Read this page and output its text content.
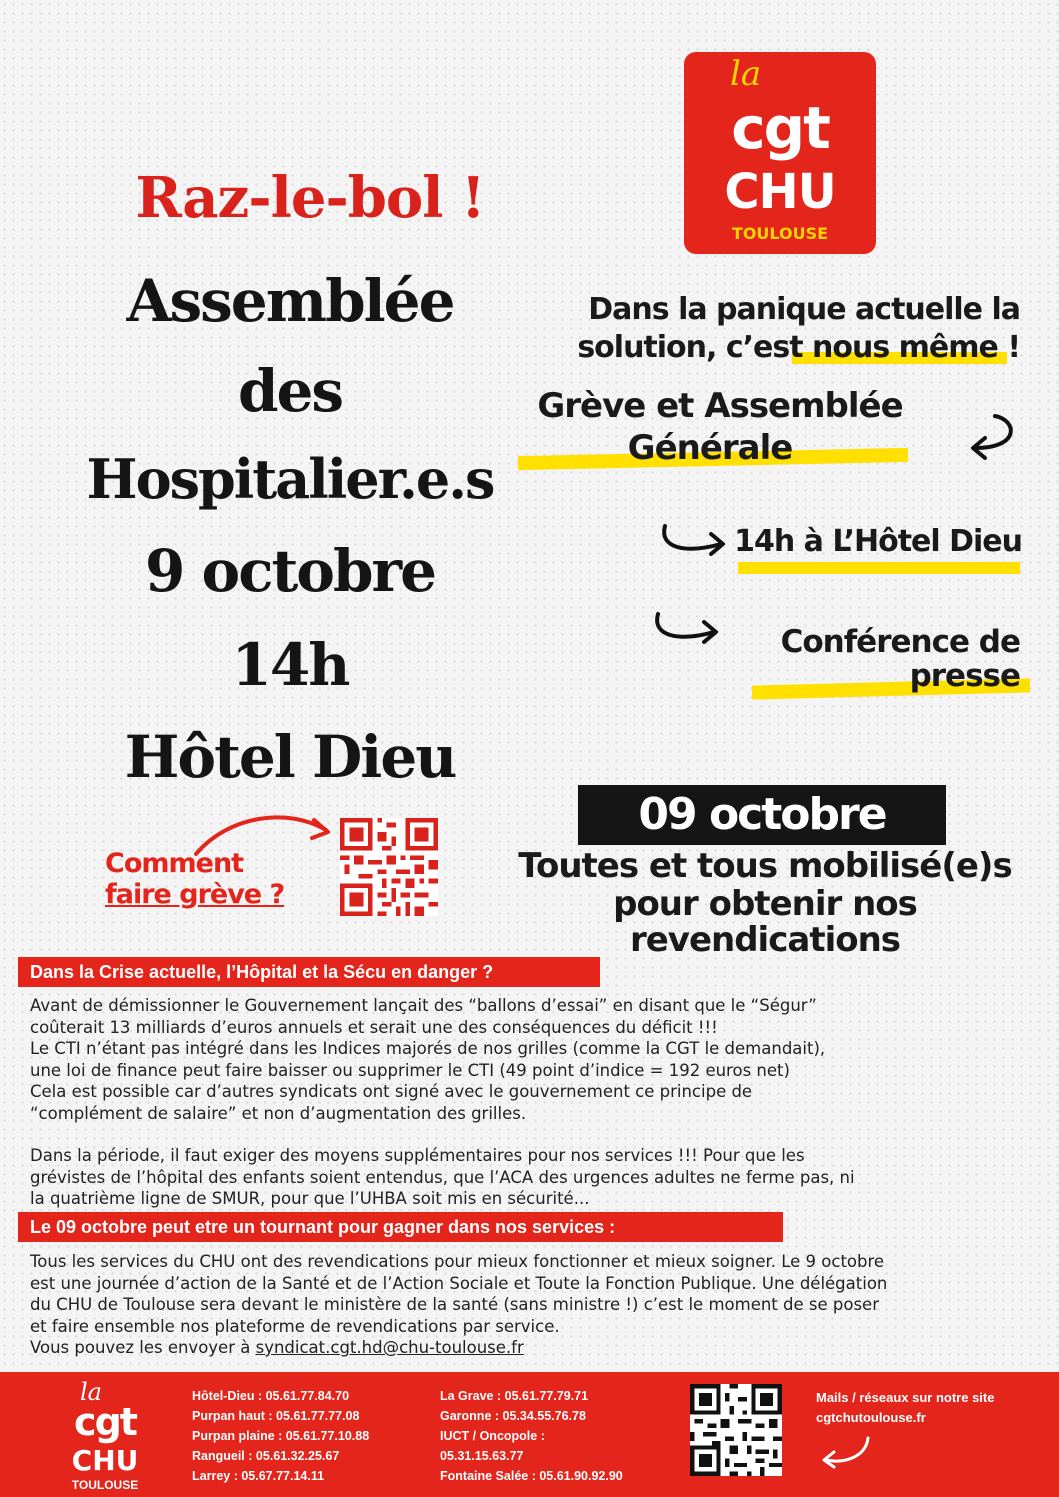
Raz-le-bol !
Assemblée
des
Hospitalier.e.s
9 octobre
14h
Hôtel Dieu
la
cgt
CHU
TOULOUSE
Dans la panique actuelle la
solution, c’est nous même !
Grève et Assemblée
Générale
14h à L’Hôtel Dieu
Conférence de
presse
09 octobre
Toutes et tous mobilisé(e)s
pour obtenir nos
revendications
Comment
faire grève ?
Dans la Crise actuelle, l’Hôpital et la Sécu en danger ?
Avant de démissionner le Gouvernement lançait des “ballons d’essai” en disant que le “Ségur”
coûterait 13 milliards d’euros annuels et serait une des conséquences du déficit !!!
Le CTI n’étant pas intégré dans les Indices majorés de nos grilles (comme la CGT le demandait),
une loi de finance peut faire baisser ou supprimer le CTI (49 point d’indice = 192 euros net)
Cela est possible car d’autres syndicats ont signé avec le gouvernement ce principe de
“complément de salaire” et non d’augmentation des grilles.
Dans la période, il faut exiger des moyens supplémentaires pour nos services !!! Pour que les
grévistes de l’hôpital des enfants soient entendus, que l’ACA des urgences adultes ne ferme pas, ni
la quatrième ligne de SMUR, pour que l’UHBA soit mis en sécurité...
Le 09 octobre peut etre un tournant pour gagner dans nos services :
Tous les services du CHU ont des revendications pour mieux fonctionner et mieux soigner. Le 9 octobre
est une journée d’action de la Santé et de l’Action Sociale et Toute la Fonction Publique. Une délégation
du CHU de Toulouse sera devant le ministère de la santé (sans ministre !) c’est le moment de se poser
et faire ensemble nos plateforme de revendications par service.
Vous pouvez les envoyer à syndicat.cgt.hd@chu-toulouse.fr
la
cgt
CHU
TOULOUSE
Hôtel-Dieu : 05.61.77.84.70
Purpan haut : 05.61.77.77.08
Purpan plaine : 05.61.77.10.88
Rangueil : 05.61.32.25.67
Larrey : 05.67.77.14.11
La Grave : 05.61.77.79.71
Garonne : 05.34.55.76.78
IUCT / Oncopole :
05.31.15.63.77
Fontaine Salée : 05.61.90.92.90
Mails / réseaux sur notre site
cgtchutoulouse.fr
